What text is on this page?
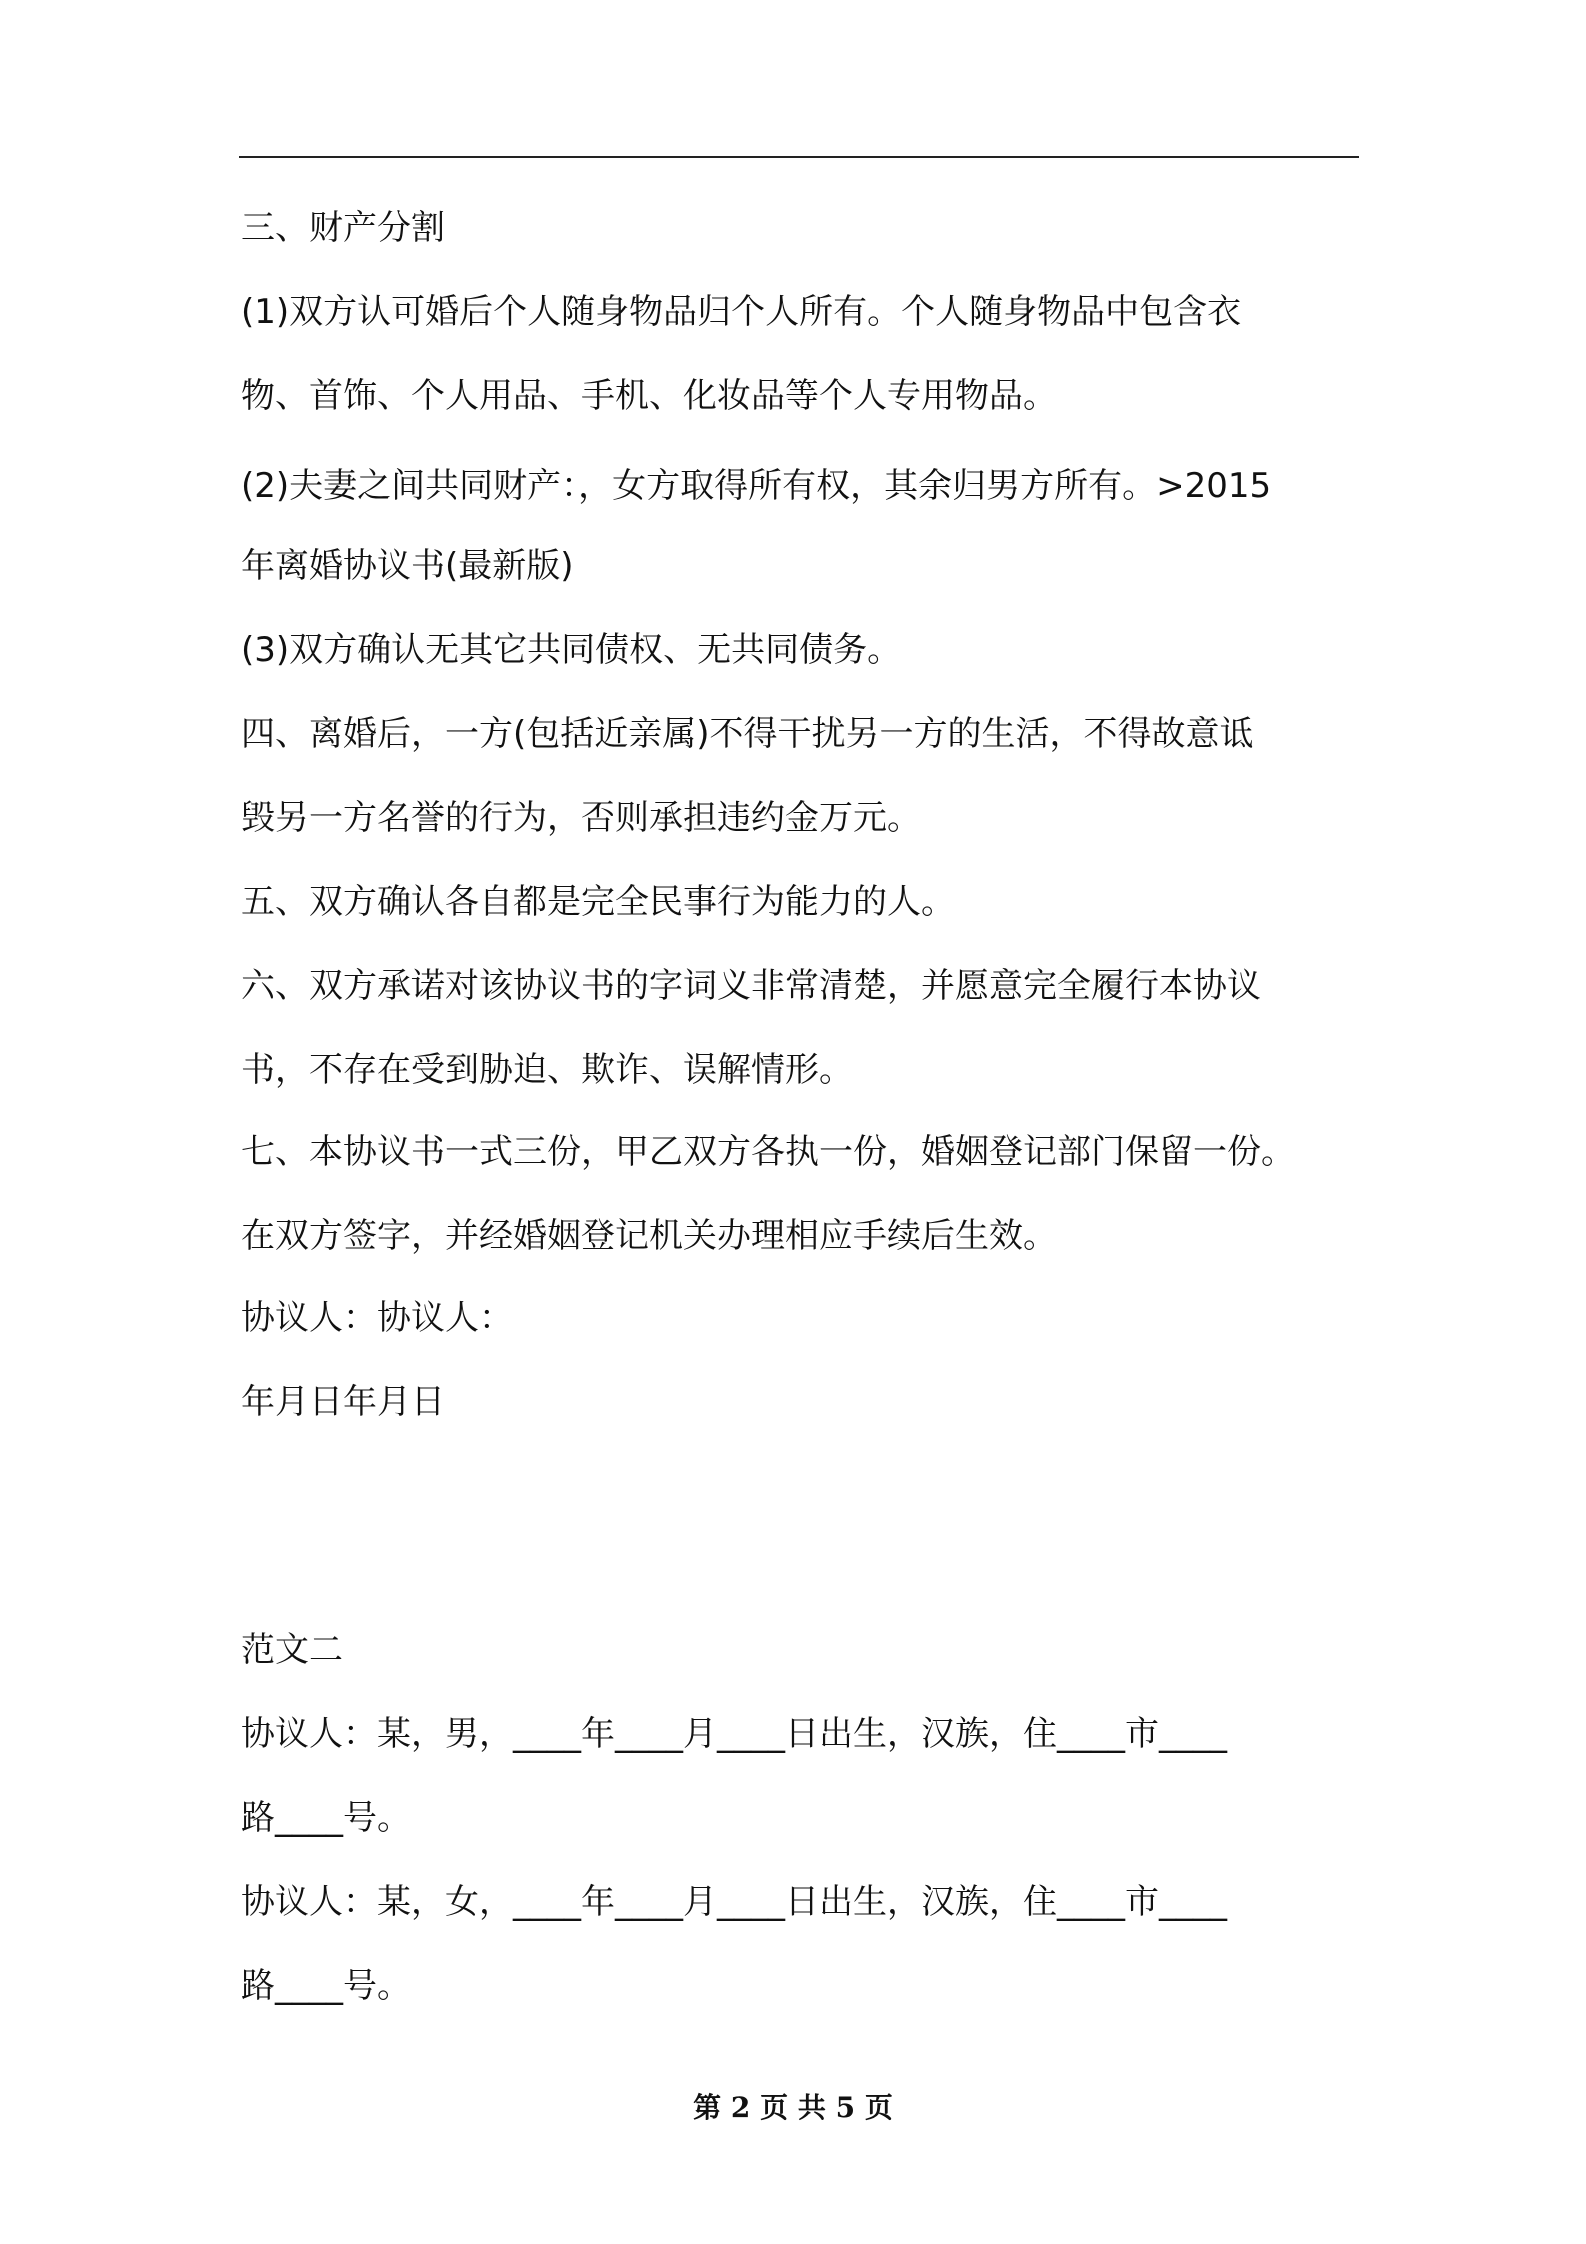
三、财产分割

(1)双方认可婚后个人随身物品归个人所有。个人随身物品中包含衣

物、首饰、个人用品、手机、化妆品等个人专用物品。

(2)夫妻之间共同财产：，女方取得所有权，其余归男方所有。>2015

年离婚协议书(最新版)

(3)双方确认无其它共同债权、无共同债务。

四、离婚后，一方(包括近亲属)不得干扰另一方的生活，不得故意诋

毁另一方名誉的行为，否则承担违约金万元。

五、双方确认各自都是完全民事行为能力的人。

六、双方承诺对该协议书的字词义非常清楚，并愿意完全履行本协议

书，不存在受到胁迫、欺诈、误解情形。

七、本协议书一式三份，甲乙双方各执一份，婚姻登记部门保留一份。

在双方签字，并经婚姻登记机关办理相应手续后生效。

协议人：协议人：

年月日年月日

范文二

协议人：某，男，____年____月____日出生，汉族，住____市____

路____号。

协议人：某，女，____年____月____日出生，汉族，住____市____

路____号。

第 2 页 共 5 页
